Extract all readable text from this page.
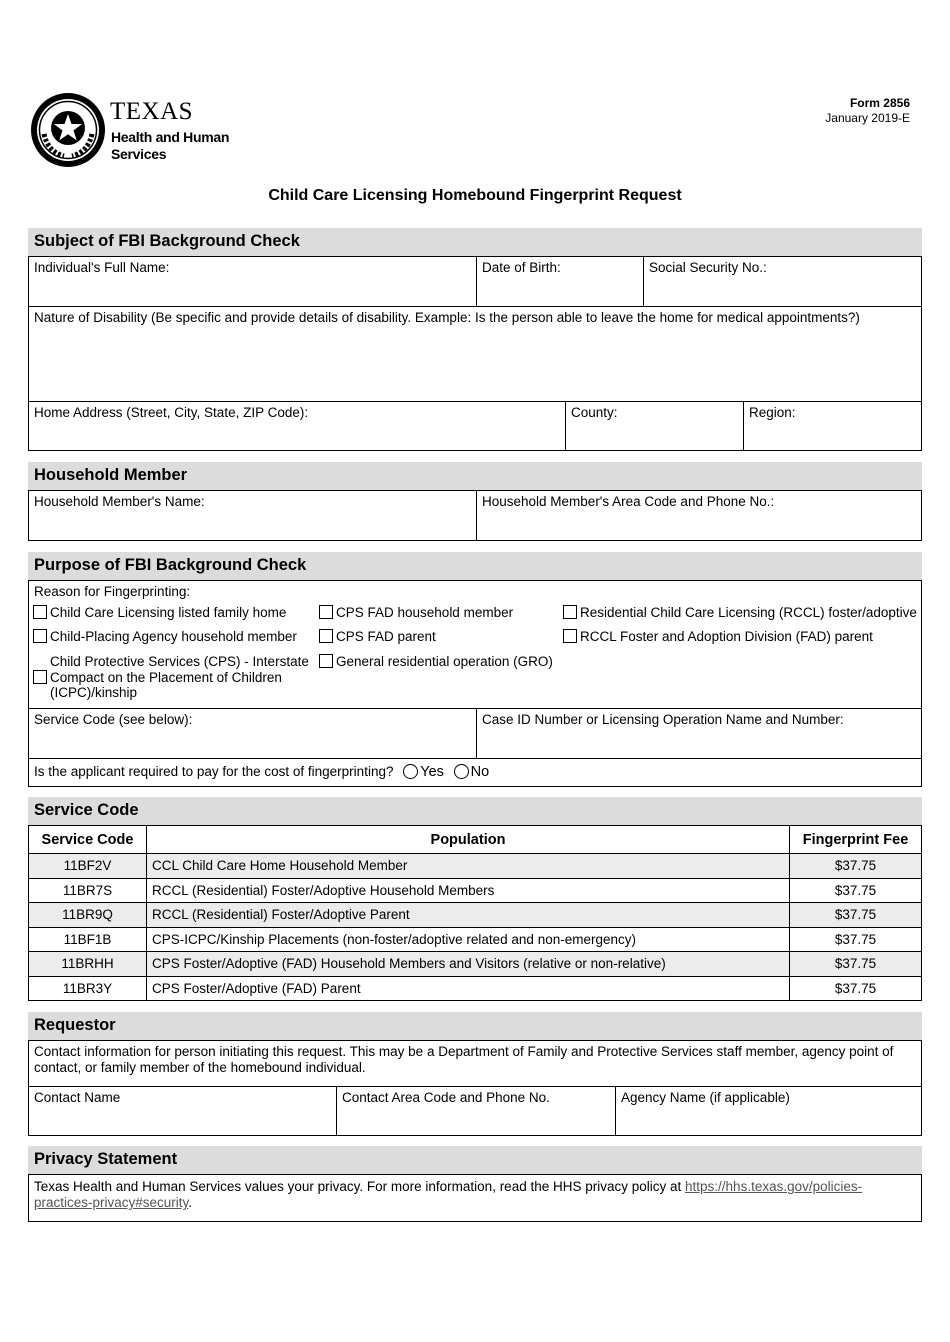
TEXAS
Health and Human
Services
Form 2856
January 2019-E
Child Care Licensing Homebound Fingerprint Request
Subject of FBI Background Check
Individual's Full Name:	Date of Birth:	Social Security No.:
Nature of Disability (Be specific and provide details of disability. Example: Is the person able to leave the home for medical appointments?)
Home Address (Street, City, State, ZIP Code):	County:	Region:
Household Member
Household Member's Name:	Household Member's Area Code and Phone No.:
Purpose of FBI Background Check
Reason for Fingerprinting:
Child Care Licensing listed family home	CPS FAD household member	Residential Child Care Licensing (RCCL) foster/adoptive
Child-Placing Agency household member	CPS FAD parent	RCCL Foster and Adoption Division (FAD) parent
Child Protective Services (CPS) - Interstate
Compact on the Placement of Children
(ICPC)/kinship
General residential operation (GRO)
Service Code (see below):	Case ID Number or Licensing Operation Name and Number:
Is the applicant required to pay for the cost of fingerprinting? Yes No
Service Code
Service Code	Population	Fingerprint Fee
11BF2V	CCL Child Care Home Household Member	$37.75
11BR7S	RCCL (Residential) Foster/Adoptive Household Members	$37.75
11BR9Q	RCCL (Residential) Foster/Adoptive Parent	$37.75
11BF1B	CPS-ICPC/Kinship Placements (non-foster/adoptive related and non-emergency)	$37.75
11BRHH	CPS Foster/Adoptive (FAD) Household Members and Visitors (relative or non-relative)	$37.75
11BR3Y	CPS Foster/Adoptive (FAD) Parent	$37.75
Requestor
Contact information for person initiating this request. This may be a Department of Family and Protective Services staff member, agency point of contact, or family member of the homebound individual.
Contact Name	Contact Area Code and Phone No.	Agency Name (if applicable)
Privacy Statement
Texas Health and Human Services values your privacy. For more information, read the HHS privacy policy at https://hhs.texas.gov/policies-
practices-privacy#security.
